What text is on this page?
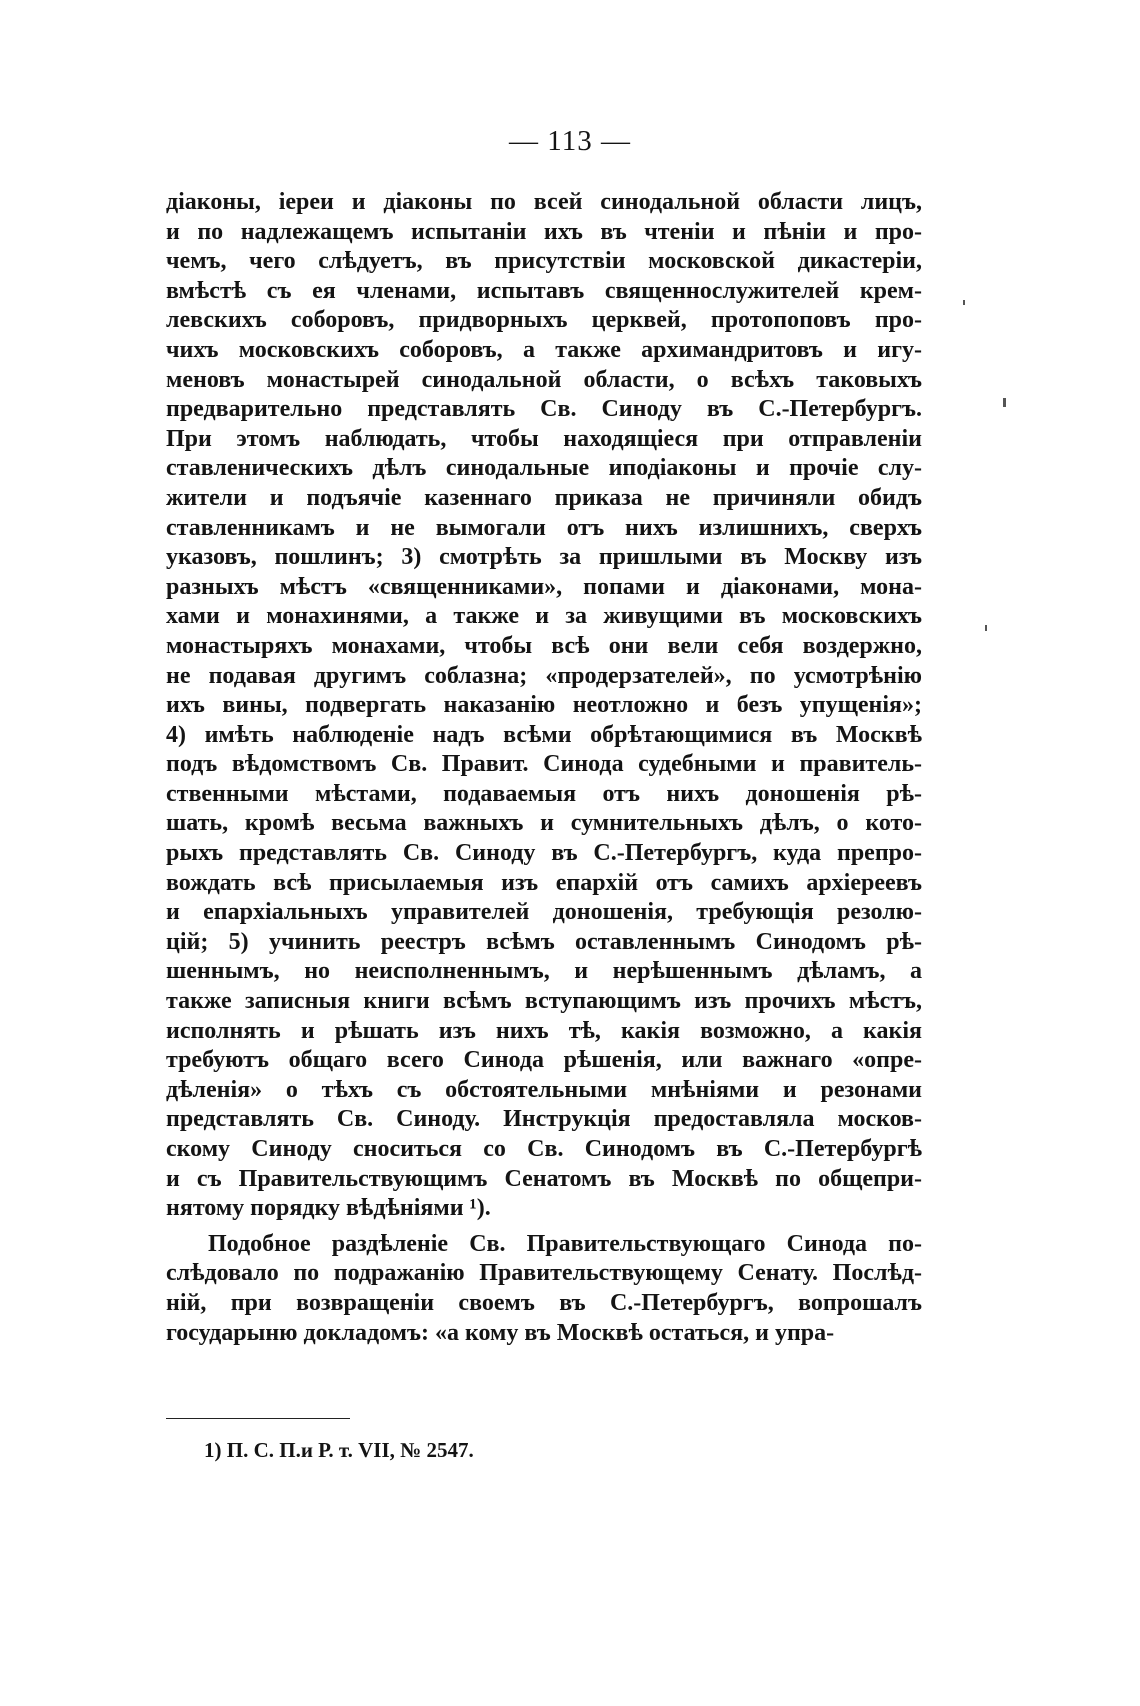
— 113 —
діаконы, іереи и діаконы по всей синодальной области лицъ,
и по надлежащемъ испытаніи ихъ въ чтеніи и пѣніи и про-
чемъ, чего слѣдуетъ, въ присутствіи московской дикастеріи,
вмѣстѣ съ ея членами, испытавъ священнослужителей крем-
левскихъ соборовъ, придворныхъ церквей, протопоповъ про-
чихъ московскихъ соборовъ, а также архимандритовъ и игу-
меновъ монастырей синодальной области, о всѣхъ таковыхъ
предварительно представлять Св. Синоду въ С.-Петербургъ.
При этомъ наблюдать, чтобы находящіеся при отправленіи
ставленическихъ дѣлъ синодальные иподіаконы и прочіе слу-
жители и подъячіе казеннаго приказа не причиняли обидъ
ставленникамъ и не вымогали отъ нихъ излишнихъ, сверхъ
указовъ, пошлинъ; 3) смотрѣть за пришлыми въ Москву изъ
разныхъ мѣстъ «священниками», попами и діаконами, мона-
хами и монахинями, а также и за живущими въ московскихъ
монастыряхъ монахами, чтобы всѣ они вели себя воздержно,
не подавая другимъ соблазна; «продерзателей», по усмотрѣнію
ихъ вины, подвергать наказанію неотложно и безъ упущенія»;
4) имѣть наблюденіе надъ всѣми обрѣтающимися въ Москвѣ
подъ вѣдомствомъ Св. Правит. Синода судебными и правитель-
ственными мѣстами, подаваемыя отъ нихъ доношенія рѣ-
шать, кромѣ весьма важныхъ и сумнительныхъ дѣлъ, о кото-
рыхъ представлять Св. Синоду въ С.-Петербургъ, куда препро-
вождать всѣ присылаемыя изъ епархій отъ самихъ архіереевъ
и епархіальныхъ управителей доношенія, требующія резолю-
цій; 5) учинить реестръ всѣмъ оставленнымъ Синодомъ рѣ-
шеннымъ, но неисполненнымъ, и нерѣшеннымъ дѣламъ, а
также записныя книги всѣмъ вступающимъ изъ прочихъ мѣстъ,
исполнять и рѣшать изъ нихъ тѣ, какія возможно, а какія
требуютъ общаго всего Синода рѣшенія, или важнаго «опре-
дѣленія» о тѣхъ съ обстоятельными мнѣніями и резонами
представлять Св. Синоду. Инструкція предоставляла москов-
скому Синоду сноситься со Св. Синодомъ въ С.-Петербургѣ
и съ Правительствующимъ Сенатомъ въ Москвѣ по общепри-
нятому порядку вѣдѣніями ¹).
Подобное раздѣленіе Св. Правительствующаго Синода по-
слѣдовало по подражанію Правительствующему Сенату. Послѣд-
ній, при возвращеніи своемъ въ С.-Петербургъ, вопрошалъ
государыню докладомъ: «а кому въ Москвѣ остаться, и упра-
1) П. С. П.и Р. т. VII, № 2547.
